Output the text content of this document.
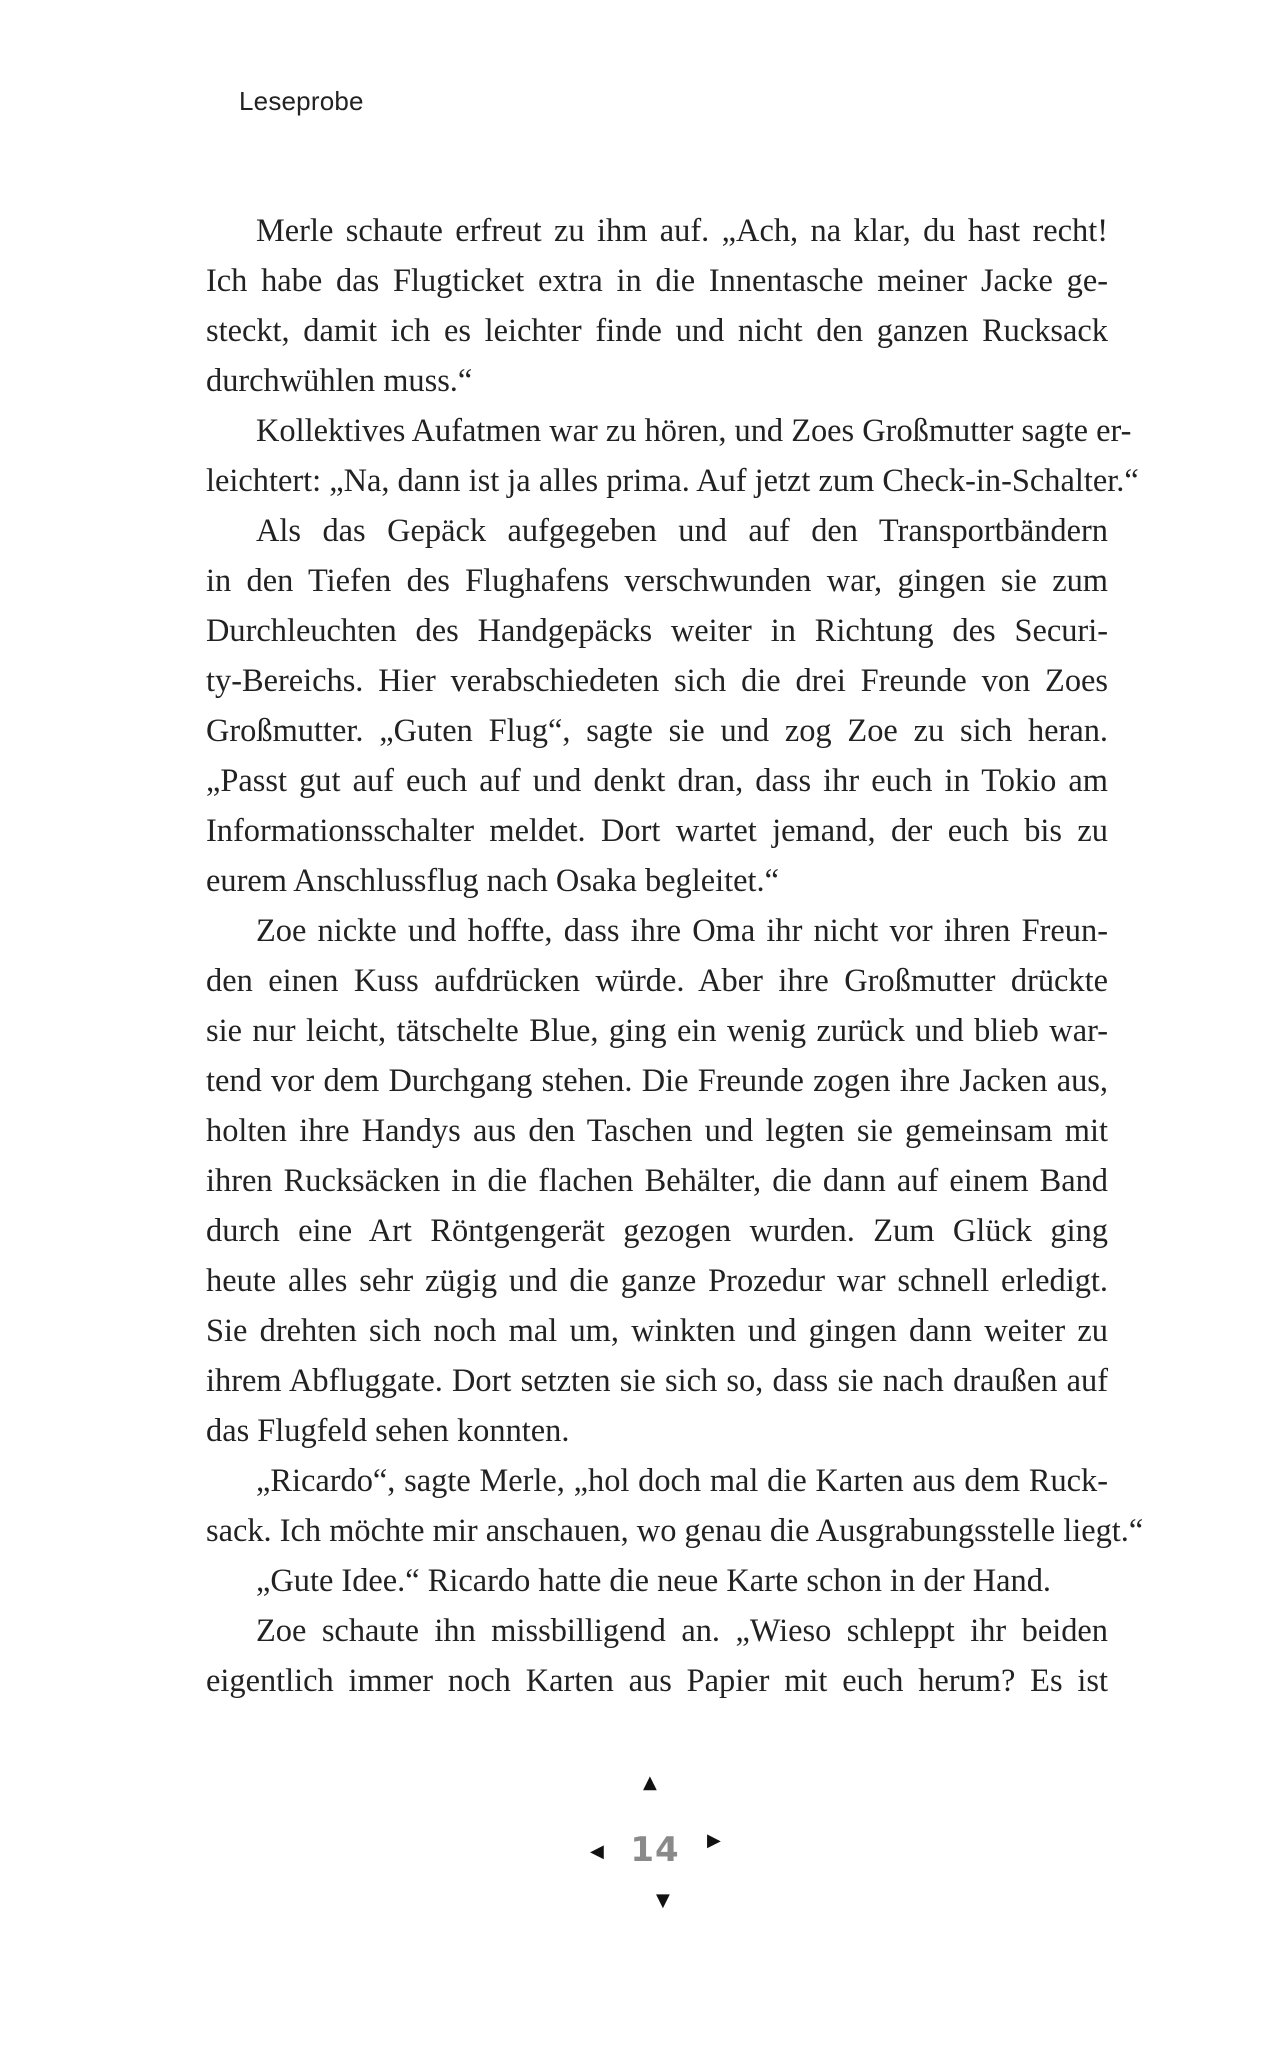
Leseprobe
Merle schaute erfreut zu ihm auf. „Ach, na klar, du hast recht!
Ich habe das Flugticket extra in die Innentasche meiner Jacke ge-
steckt, damit ich es leichter finde und nicht den ganzen Rucksack
durchwühlen muss.“
Kollektives Aufatmen war zu hören, und Zoes Großmutter sagte er-
leichtert: „Na, dann ist ja alles prima. Auf jetzt zum Check-in-Schalter.“
Als das Gepäck aufgegeben und auf den Transportbändern
in den Tiefen des Flughafens verschwunden war, gingen sie zum
Durchleuchten des Handgepäcks weiter in Richtung des Securi-
ty-Bereichs. Hier verabschiedeten sich die drei Freunde von Zoes
Großmutter. „Guten Flug“, sagte sie und zog Zoe zu sich heran.
„Passt gut auf euch auf und denkt dran, dass ihr euch in Tokio am
Informationsschalter meldet. Dort wartet jemand, der euch bis zu
eurem Anschlussflug nach Osaka begleitet.“
Zoe nickte und hoffte, dass ihre Oma ihr nicht vor ihren Freun-
den einen Kuss aufdrücken würde. Aber ihre Großmutter drückte
sie nur leicht, tätschelte Blue, ging ein wenig zurück und blieb war-
tend vor dem Durchgang stehen. Die Freunde zogen ihre Jacken aus,
holten ihre Handys aus den Taschen und legten sie gemeinsam mit
ihren Rucksäcken in die flachen Behälter, die dann auf einem Band
durch eine Art Röntgengerät gezogen wurden. Zum Glück ging
heute alles sehr zügig und die ganze Prozedur war schnell erledigt.
Sie drehten sich noch mal um, winkten und gingen dann weiter zu
ihrem Abfluggate. Dort setzten sie sich so, dass sie nach draußen auf
das Flugfeld sehen konnten.
„Ricardo“, sagte Merle, „hol doch mal die Karten aus dem Ruck-
sack. Ich möchte mir anschauen, wo genau die Ausgrabungsstelle liegt.“
„Gute Idee.“ Ricardo hatte die neue Karte schon in der Hand.
Zoe schaute ihn missbilligend an. „Wieso schleppt ihr beiden
eigentlich immer noch Karten aus Papier mit euch herum? Es ist
▲
◀ 14	▶
▼
